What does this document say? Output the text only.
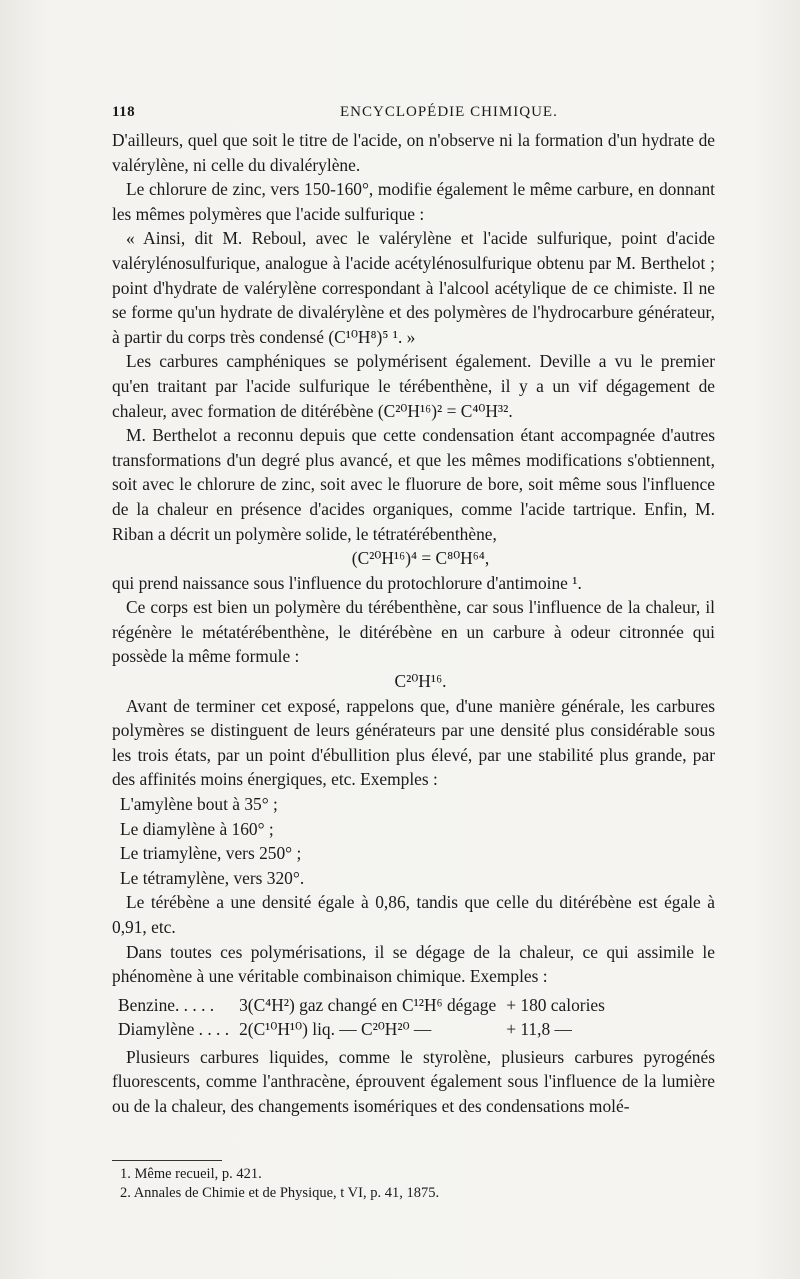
118	ENCYCLOPÉDIE CHIMIQUE.

D'ailleurs, quel que soit le titre de l'acide, on n'observe ni la formation d'un hydrate de valérylène, ni celle du divalérylène.

Le chlorure de zinc, vers 150-160°, modifie également le même carbure, en donnant les mêmes polymères que l'acide sulfurique :

« Ainsi, dit M. Reboul, avec le valérylène et l'acide sulfurique, point d'acide valérylénosulfurique, analogue à l'acide acétylénosulfurique obtenu par M. Berthelot ; point d'hydrate de valérylène correspondant à l'alcool acétylique de ce chimiste. Il ne se forme qu'un hydrate de divalérylène et des polymères de l'hydrocarbure générateur, à partir du corps très condensé (C¹⁰H⁸)⁵ ¹. »

Les carbures camphéniques se polymérisent également. Deville a vu le premier qu'en traitant par l'acide sulfurique le térébenthène, il y a un vif dégagement de chaleur, avec formation de ditérébène (C²⁰H¹⁶)² = C⁴⁰H³².

M. Berthelot a reconnu depuis que cette condensation étant accompagnée d'autres transformations d'un degré plus avancé, et que les mêmes modifications s'obtiennent, soit avec le chlorure de zinc, soit avec le fluorure de bore, soit même sous l'influence de la chaleur en présence d'acides organiques, comme l'acide tartrique. Enfin, M. Riban a décrit un polymère solide, le tétratérébenthène,

(C²⁰H¹⁶)⁴ = C⁸⁰H⁶⁴,

qui prend naissance sous l'influence du protochlorure d'antimoine ¹.

Ce corps est bien un polymère du térébenthène, car sous l'influence de la chaleur, il régénère le métatérébenthène, le ditérébène en un carbure à odeur citronnée qui possède la même formule :

C²⁰H¹⁶.

Avant de terminer cet exposé, rappelons que, d'une manière générale, les carbures polymères se distinguent de leurs générateurs par une densité plus considérable sous les trois états, par un point d'ébullition plus élevé, par une stabilité plus grande, par des affinités moins énergiques, etc. Exemples :

L'amylène bout à 35° ;

Le diamylène à 160° ;

Le triamylène, vers 250° ;

Le tétramylène, vers 320°.

Le térébène a une densité égale à 0,86, tandis que celle du ditérébène est égale à 0,91, etc.

Dans toutes ces polymérisations, il se dégage de la chaleur, ce qui assimile le phénomène à une véritable combinaison chimique. Exemples :

Benzine. . . . .	3(C⁴H²) gaz changé en C¹²H⁶ dégage	+ 180 calories
Diamylène . . . .	2(C¹⁰H¹⁰) liq. — C²⁰H²⁰ —	+ 11,8 —

Plusieurs carbures liquides, comme le styrolène, plusieurs carbures pyrogénés fluorescents, comme l'anthracène, éprouvent également sous l'influence de la lumière ou de la chaleur, des changements isomériques et des condensations molé-

1. Même recueil, p. 421.

2. Annales de Chimie et de Physique, t VI, p. 41, 1875.
